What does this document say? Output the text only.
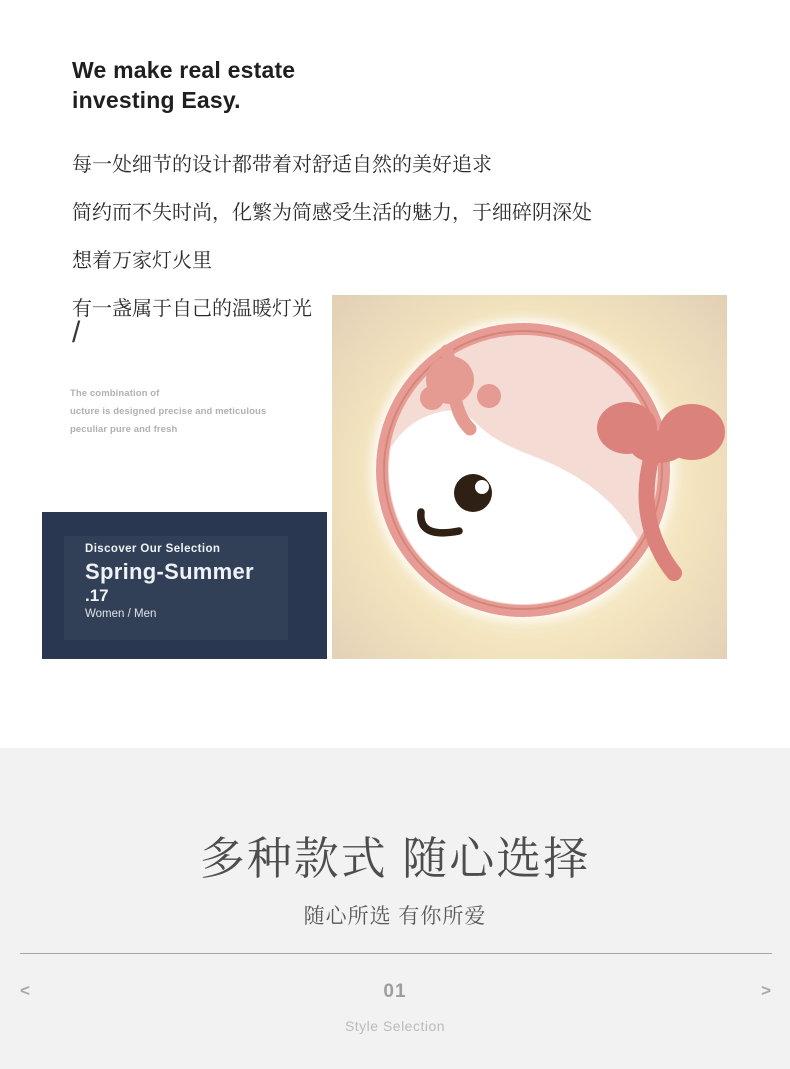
We make real estate
investing Easy.
每一处细节的设计都带着对舒适自然的美好追求
简约而不失时尚，化繁为简感受生活的魅力，于细碎阴深处
想着万家灯火里
有一盏属于自己的温暖灯光
/
The combination of
ucture is designed precise and meticulous
peculiar pure and fresh
Discover Our Selection
Spring-Summer
.17
Women / Men
多种款式 随心选择
随心所选 有你所爱
<	01	>
Style Selection
